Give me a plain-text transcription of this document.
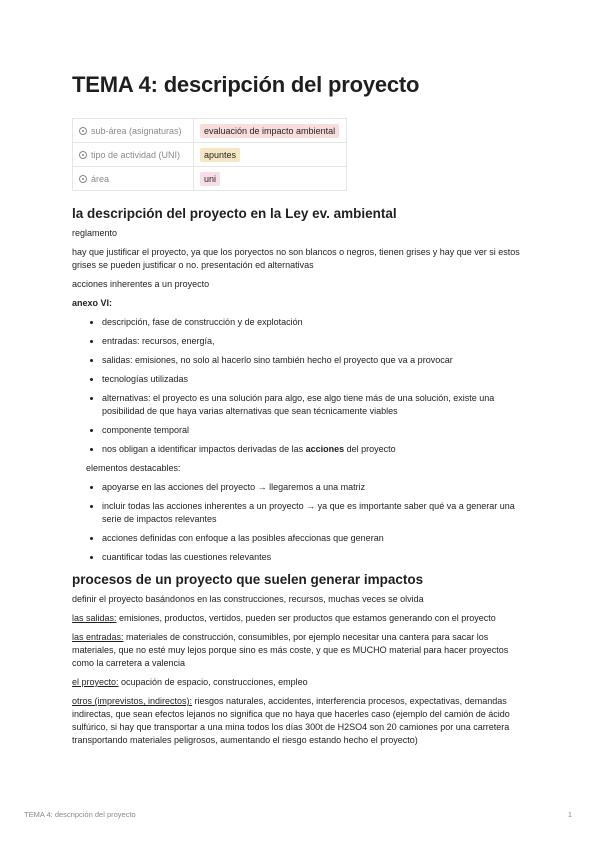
TEMA 4: descripción del proyecto
sub-área (asignaturas)	evaluación de impacto ambiental
tipo de actividad (UNI)	apuntes
área	uni
la descripción del proyecto en la Ley ev. ambiental

reglamento

hay que justificar el proyecto, ya que los poryectos no son blancos o negros, tienen grises y hay que ver si estos grises se pueden justificar o no. presentación ed alternativas

acciones inherentes a un proyecto

anexo VI:

• descripción, fase de construcción y de explotación
• entradas: recursos, energía,
• salidas: emisiones, no solo al hacerlo sino también hecho el proyecto que va a provocar
• tecnologías utilizadas
• alternativas: el proyecto es una solución para algo, ese algo tiene más de una solución, existe una posibilidad de que haya varias alternativas que sean técnicamente viables
• componente temporal
• nos obligan a identificar impactos derivadas de las acciones del proyecto
elementos destacables:
• apoyarse en las acciones del proyecto → llegaremos a una matriz
• incluir todas las acciones inherentes a un proyecto → ya que es importante saber qué va a generar una serie de impactos relevantes
• acciones definidas con enfoque a las posibles afeccionas que generan
• cuantificar todas las cuestiones relevantes
procesos de un proyecto que suelen generar impactos

definir el proyecto basándonos en las construcciones, recursos, muchas veces se olvida

las salidas: emisiones, productos, vertidos, pueden ser productos que estamos generando con el proyecto

las entradas: materiales de construcción, consumibles, por ejemplo necesitar una cantera para sacar los materiales, que no esté muy lejos porque sino es más coste, y que es MUCHO material para hacer proyectos como la carretera a valencia

el proyecto: ocupación de espacio, construcciones, empleo

otros (imprevistos, indirectos): riesgos naturales, accidentes, interferencia procesos, expectativas, demandas indirectas, que sean efectos lejanos no significa que no haya que hacerles caso (ejemplo del camión de ácido sulfúrico, si hay que transportar a una mina todos los días 300t de H2SO4 son 20 camiones por una carretera transportando materiales peligrosos, aumentando el riesgo estando hecho el proyecto)

TEMA 4: descripción del proyecto	1
